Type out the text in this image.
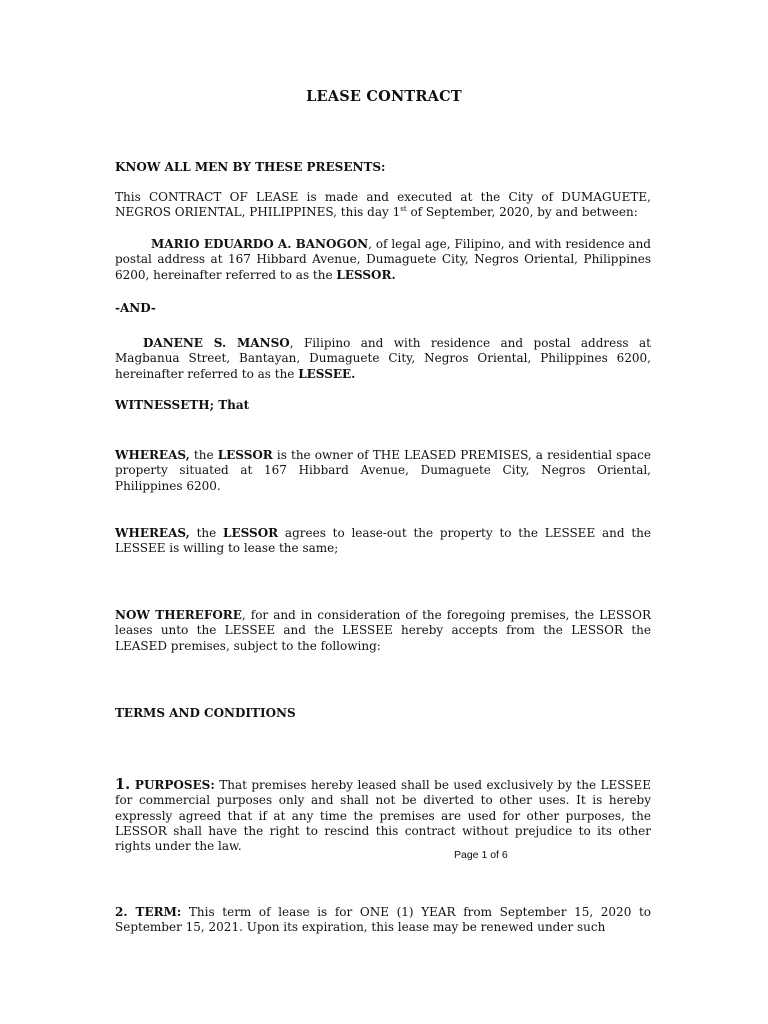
LEASE CONTRACT

KNOW ALL MEN BY THESE PRESENTS:

This CONTRACT OF LEASE is made and executed at the City of DUMAGUETE, NEGROS ORIENTAL, PHILIPPINES, this day 1st of September, 2020, by and between:

MARIO EDUARDO A. BANOGON, of legal age, Filipino, and with residence and postal address at 167 Hibbard Avenue, Dumaguete City, Negros Oriental, Philippines 6200, hereinafter referred to as the LESSOR.

-AND-

DANENE S. MANSO, Filipino and with residence and postal address at Magbanua Street, Bantayan, Dumaguete City, Negros Oriental, Philippines 6200, hereinafter referred to as the LESSEE.

WITNESSETH; That

WHEREAS, the LESSOR is the owner of THE LEASED PREMISES, a residential space property situated at 167 Hibbard Avenue, Dumaguete City, Negros Oriental, Philippines 6200.

WHEREAS, the LESSOR agrees to lease-out the property to the LESSEE and the LESSEE is willing to lease the same;

NOW THEREFORE, for and in consideration of the foregoing premises, the LESSOR leases unto the LESSEE and the LESSEE hereby accepts from the LESSOR the LEASED premises, subject to the following:

TERMS AND CONDITIONS

1. PURPOSES: That premises hereby leased shall be used exclusively by the LESSEE for commercial purposes only and shall not be diverted to other uses. It is hereby expressly agreed that if at any time the premises are used for other purposes, the LESSOR shall have the right to rescind this contract without prejudice to its other rights under the law.

Page 1 of 6

2. TERM: This term of lease is for ONE (1) YEAR from September 15, 2020 to September 15, 2021. Upon its expiration, this lease may be renewed under such
